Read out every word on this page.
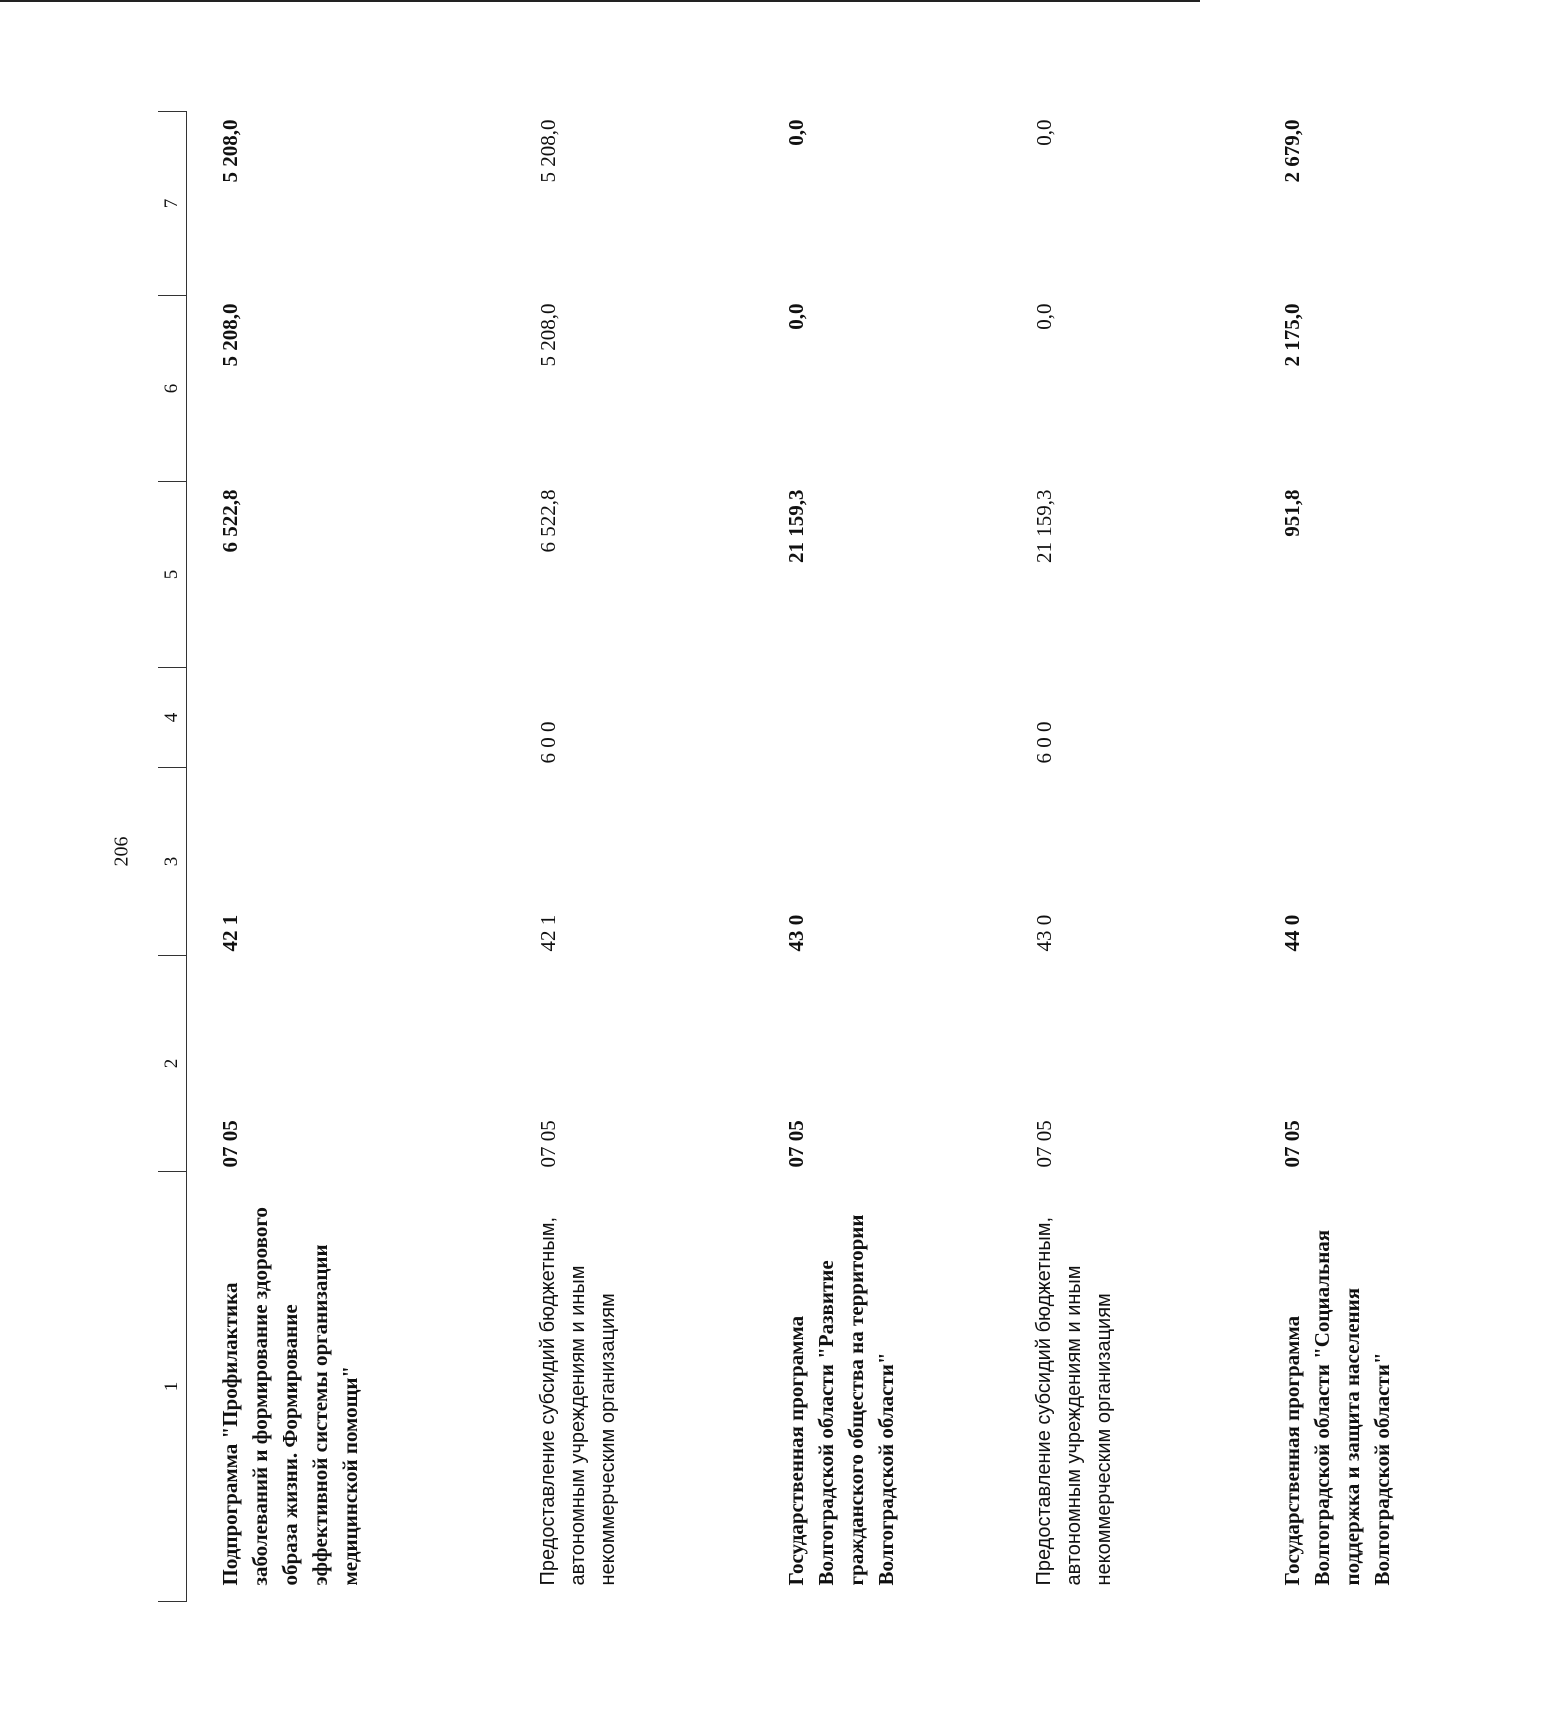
206
1	2	3	4	5	6	7
Подпрограмма "Профилактика заболеваний и формирование здорового образа жизни. Формирование эффективной системы организации медицинской помощи"	07 05	42 1		6 522,8	5 208,0	5 208,0
Предоставление субсидий бюджетным, автономным учреждениям и иным некоммерческим организациям	07 05	42 1	6 0 0	6 522,8	5 208,0	5 208,0
Государственная программа Волгоградской области "Развитие гражданского общества на территории Волгоградской области"	07 05	43 0		21 159,3	0,0	0,0
Предоставление субсидий бюджетным, автономным учреждениям и иным некоммерческим организациям	07 05	43 0	6 0 0	21 159,3	0,0	0,0
Государственная программа Волгоградской области "Социальная поддержка и защита населения Волгоградской области"	07 05	44 0		951,8	2 175,0	2 679,0
